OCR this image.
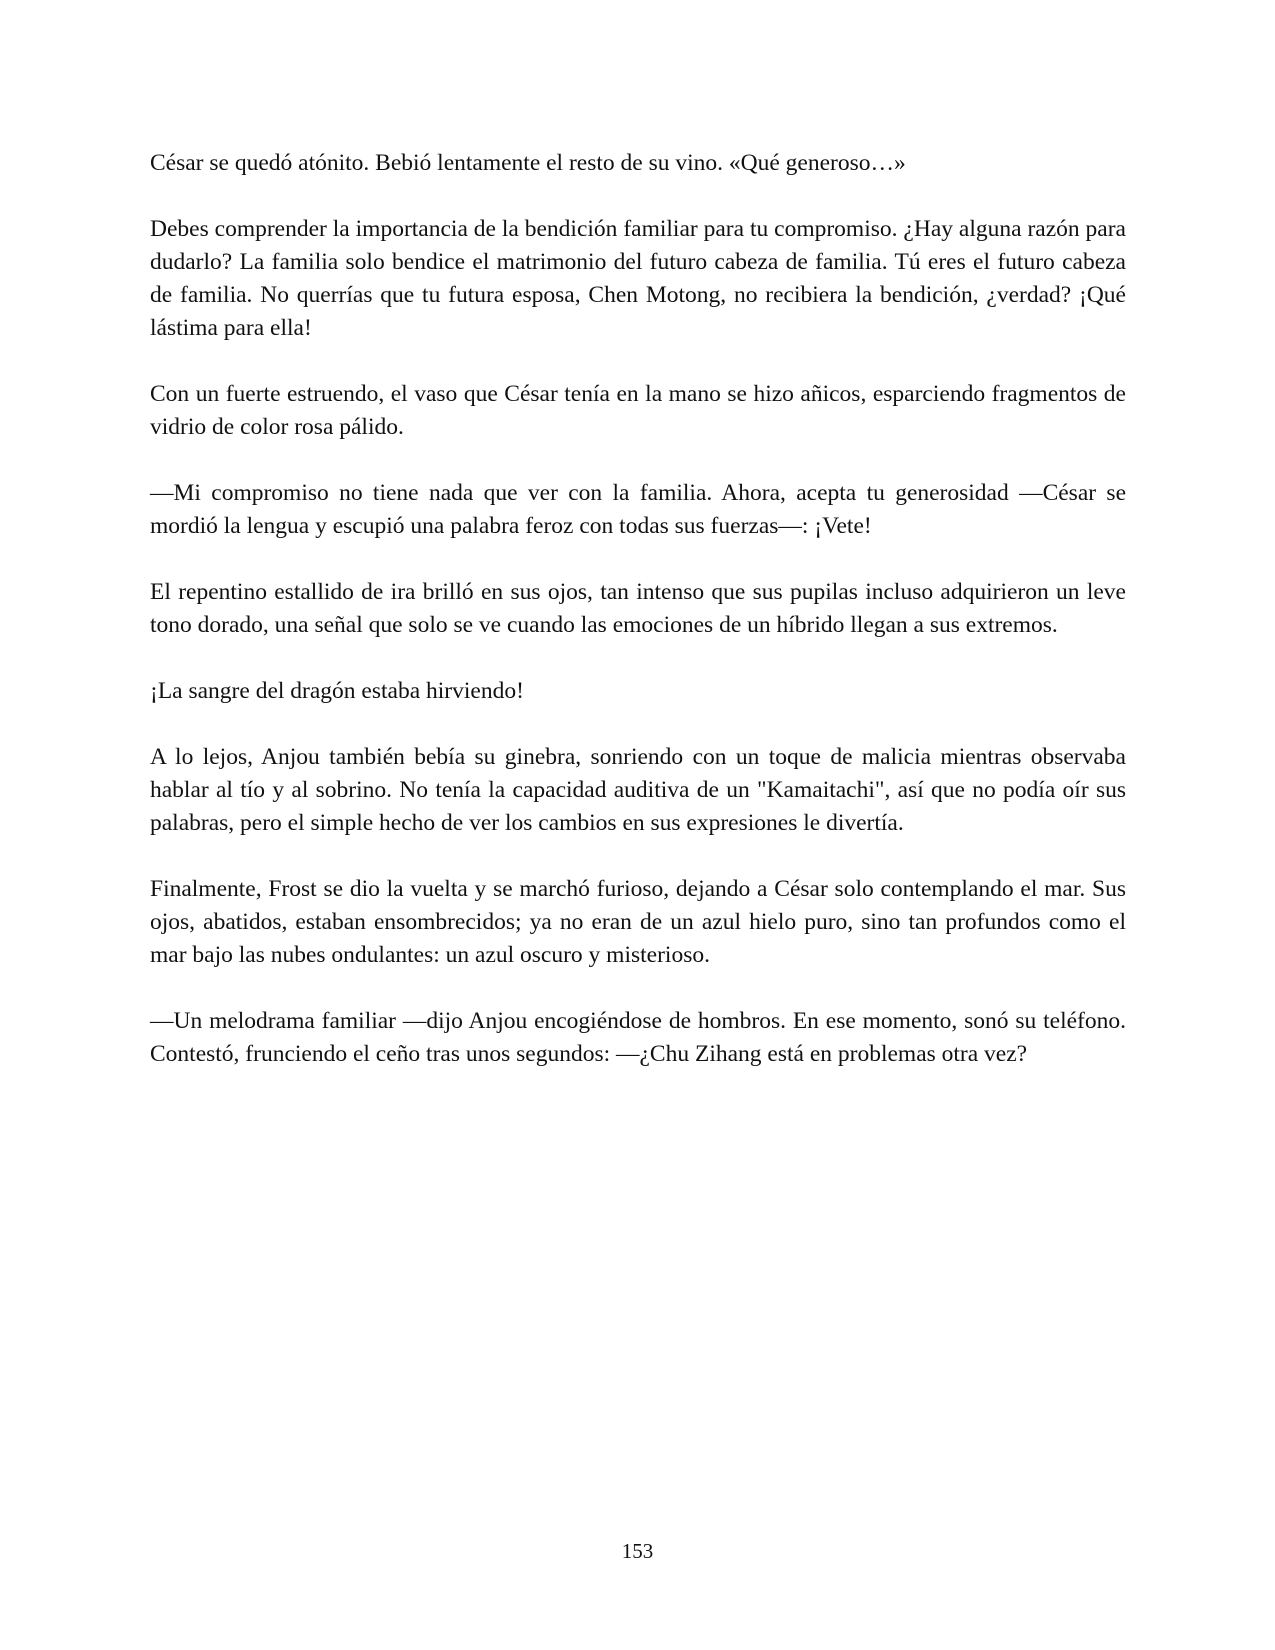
César se quedó atónito. Bebió lentamente el resto de su vino. «Qué generoso…»

Debes comprender la importancia de la bendición familiar para tu compromiso. ¿Hay alguna razón para dudarlo? La familia solo bendice el matrimonio del futuro cabeza de familia. Tú eres el futuro cabeza de familia. No querrías que tu futura esposa, Chen Motong, no recibiera la bendición, ¿verdad? ¡Qué lástima para ella!

Con un fuerte estruendo, el vaso que César tenía en la mano se hizo añicos, esparciendo fragmentos de vidrio de color rosa pálido.

—Mi compromiso no tiene nada que ver con la familia. Ahora, acepta tu generosidad —César se mordió la lengua y escupió una palabra feroz con todas sus fuerzas—: ¡Vete!

El repentino estallido de ira brilló en sus ojos, tan intenso que sus pupilas incluso adquirieron un leve tono dorado, una señal que solo se ve cuando las emociones de un híbrido llegan a sus extremos.

¡La sangre del dragón estaba hirviendo!

A lo lejos, Anjou también bebía su ginebra, sonriendo con un toque de malicia mientras observaba hablar al tío y al sobrino. No tenía la capacidad auditiva de un "Kamaitachi", así que no podía oír sus palabras, pero el simple hecho de ver los cambios en sus expresiones le divertía.

Finalmente, Frost se dio la vuelta y se marchó furioso, dejando a César solo contemplando el mar. Sus ojos, abatidos, estaban ensombrecidos; ya no eran de un azul hielo puro, sino tan profundos como el mar bajo las nubes ondulantes: un azul oscuro y misterioso.

—Un melodrama familiar —dijo Anjou encogiéndose de hombros. En ese momento, sonó su teléfono. Contestó, frunciendo el ceño tras unos segundos: —¿Chu Zihang está en problemas otra vez?

153
